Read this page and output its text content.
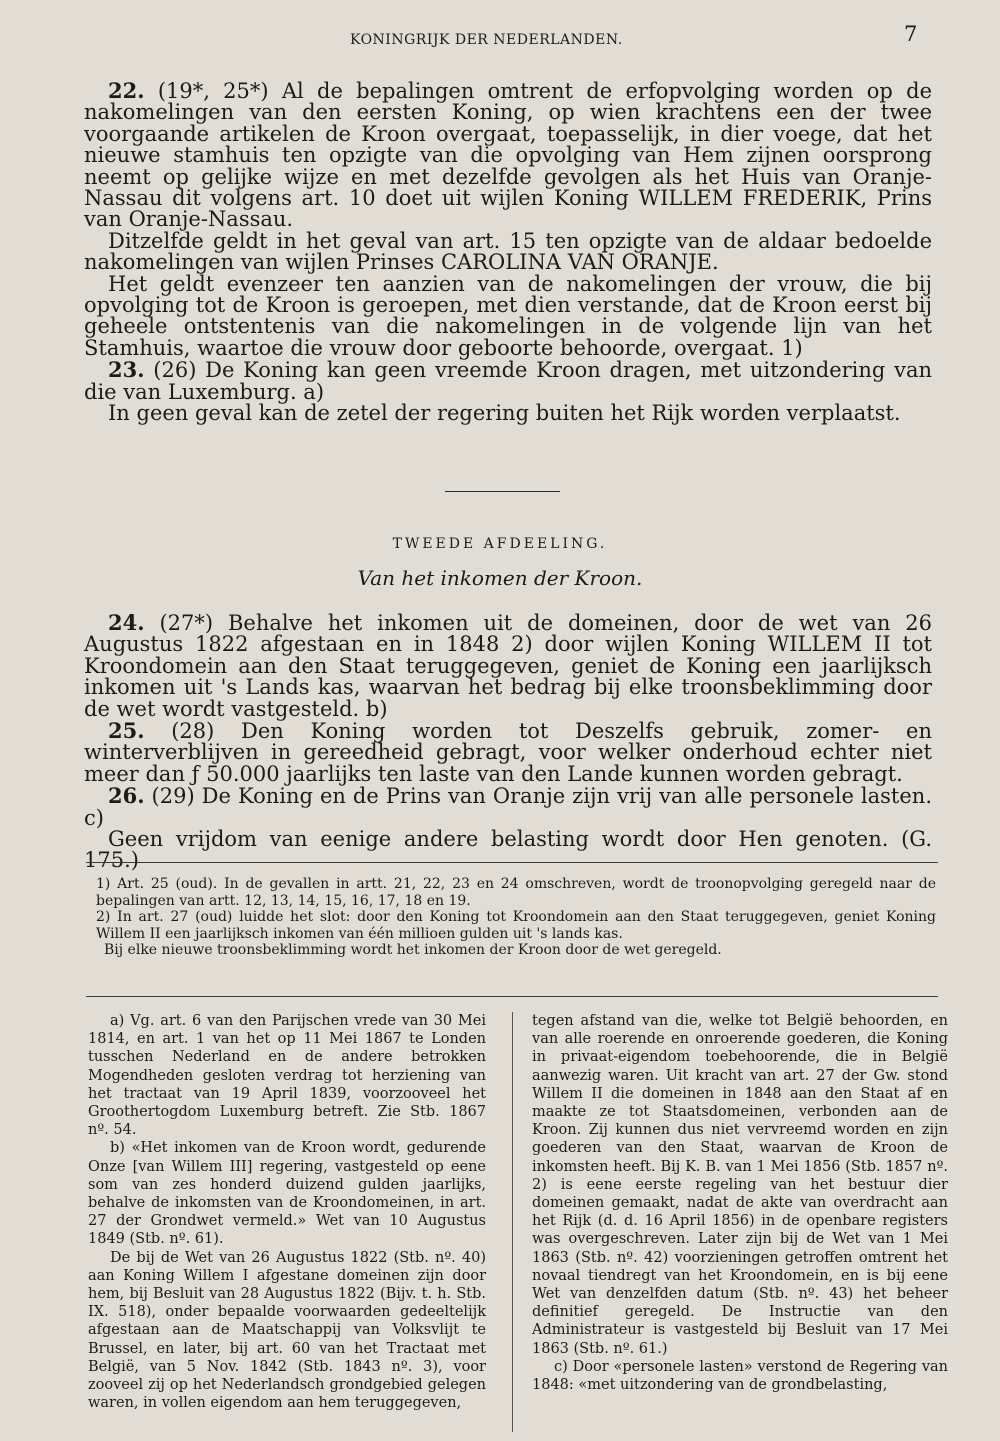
KONINGRIJK DER NEDERLANDEN.	7

22. (19*, 25*) Al de bepalingen omtrent de erfopvolging worden op de nakomelingen van den eersten Koning, op wien krachtens een der twee voorgaande artikelen de Kroon overgaat, toepasselijk, in dier voege, dat het nieuwe stamhuis ten opzigte van die opvolging van Hem zijnen oorsprong neemt op gelijke wijze en met dezelfde gevolgen als het Huis van Oranje-Nassau dit volgens art. 10 doet uit wijlen Koning WILLEM FREDERIK, Prins van Oranje-Nassau.

Ditzelfde geldt in het geval van art. 15 ten opzigte van de aldaar bedoelde nakomelingen van wijlen Prinses CAROLINA VAN ORANJE.

Het geldt evenzeer ten aanzien van de nakomelingen der vrouw, die bij opvolging tot de Kroon is geroepen, met dien verstande, dat de Kroon eerst bij geheele ontstentenis van die nakomelingen in de volgende lijn van het Stamhuis, waartoe die vrouw door geboorte behoorde, overgaat. 1)

23. (26) De Koning kan geen vreemde Kroon dragen, met uitzondering van die van Luxemburg. a)

In geen geval kan de zetel der regering buiten het Rijk worden verplaatst.

TWEEDE AFDEELING.
Van het inkomen der Kroon.

24. (27*) Behalve het inkomen uit de domeinen, door de wet van 26 Augustus 1822 afgestaan en in 1848 2) door wijlen Koning WILLEM II tot Kroondomein aan den Staat teruggegeven, geniet de Koning een jaarlijksch inkomen uit 's Lands kas, waarvan het bedrag bij elke troonsbeklimming door de wet wordt vastgesteld. b)

25. (28) Den Koning worden tot Deszelfs gebruik, zomer- en winterverblijven in gereedheid gebragt, voor welker onderhoud echter niet meer dan ƒ 50.000 jaarlijks ten laste van den Lande kunnen worden gebragt.

26. (29) De Koning en de Prins van Oranje zijn vrij van alle personele lasten. c)

Geen vrijdom van eenige andere belasting wordt door Hen genoten. (G. 175.)

1) Art. 25 (oud). In de gevallen in artt. 21, 22, 23 en 24 omschreven, wordt de troonopvolging geregeld naar de bepalingen van artt. 12, 13, 14, 15, 16, 17, 18 en 19.

2) In art. 27 (oud) luidde het slot: door den Koning tot Kroondomein aan den Staat teruggegeven, geniet Koning Willem II een jaarlijksch inkomen van één millioen gulden uit 's lands kas.

Bij elke nieuwe troonsbeklimming wordt het inkomen der Kroon door de wet geregeld.

a) Vg. art. 6 van den Parijschen vrede van 30 Mei 1814, en art. 1 van het op 11 Mei 1867 te Londen tusschen Nederland en de andere betrokken Mogendheden gesloten verdrag tot herziening van het tractaat van 19 April 1839, voorzooveel het Groothertogdom Luxemburg betreft. Zie Stb. 1867 nº. 54.

b) «Het inkomen van de Kroon wordt, gedurende Onze [van Willem III] regering, vastgesteld op eene som van zes honderd duizend gulden jaarlijks, behalve de inkomsten van de Kroondomeinen, in art. 27 der Grondwet vermeld.» Wet van 10 Augustus 1849 (Stb. nº. 61).

De bij de Wet van 26 Augustus 1822 (Stb. nº. 40) aan Koning Willem I afgestane domeinen zijn door hem, bij Besluit van 28 Augustus 1822 (Bijv. t. h. Stb. IX. 518), onder bepaalde voorwaarden gedeeltelijk afgestaan aan de Maatschappij van Volksvlijt te Brussel, en later, bij art. 60 van het Tractaat met België, van 5 Nov. 1842 (Stb. 1843 nº. 3), voor zooveel zij op het Nederlandsch grondgebied gelegen waren, in vollen eigendom aan hem teruggegeven,

tegen afstand van die, welke tot België behoorden, en van alle roerende en onroerende goederen, die Koning in privaat-eigendom toebehoorende, die in België aanwezig waren. Uit kracht van art. 27 der Gw. stond Willem II die domeinen in 1848 aan den Staat af en maakte ze tot Staatsdomeinen, verbonden aan de Kroon. Zij kunnen dus niet vervreemd worden en zijn goederen van den Staat, waarvan de Kroon de inkomsten heeft. Bij K. B. van 1 Mei 1856 (Stb. 1857 nº. 2) is eene eerste regeling van het bestuur dier domeinen gemaakt, nadat de akte van overdracht aan het Rijk (d. d. 16 April 1856) in de openbare registers was overgeschreven. Later zijn bij de Wet van 1 Mei 1863 (Stb. nº. 42) voorzieningen getroffen omtrent het novaal tiendregt van het Kroondomein, en is bij eene Wet van denzelfden datum (Stb. nº. 43) het beheer definitief geregeld. De Instructie van den Administrateur is vastgesteld bij Besluit van 17 Mei 1863 (Stb. nº. 61.)

c) Door «personele lasten» verstond de Regering van 1848: «met uitzondering van de grondbelasting,
